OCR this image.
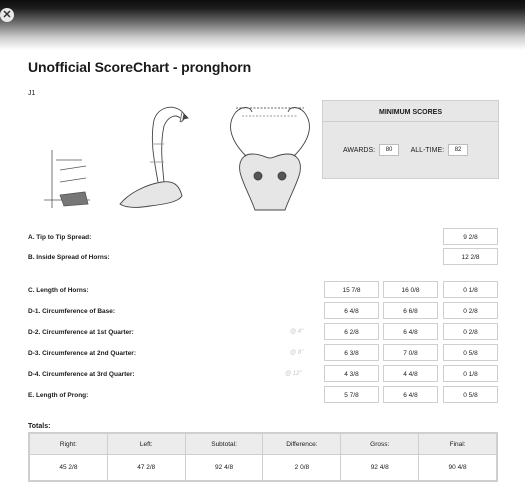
✕
Unofficial ScoreChart - pronghorn
J1
MINIMUM SCORES
AWARDS: 80	ALL-TIME: 82
A. Tip to Tip Spread:	9 2/8
B. Inside Spread of Horns:	12 2/8
C. Length of Horns:	15 7/8	16 0/8	0 1/8
D-1. Circumference of Base:	6 4/8	6 6/8	0 2/8
D-2. Circumference at 1st Quarter:	@ 4"	6 2/8	6 4/8	0 2/8
D-3. Circumference at 2nd Quarter:	@ 8"	6 3/8	7 0/8	0 5/8
D-4. Circumference at 3rd Quarter:	@ 12"	4 3/8	4 4/8	0 1/8
E. Length of Prong:	5 7/8	6 4/8	0 5/8
Totals:
Right:	Left:	Subtotal:	Difference:	Gross:	Final:
45 2/8	47 2/8	92 4/8	2 0/8	92 4/8	90 4/8
